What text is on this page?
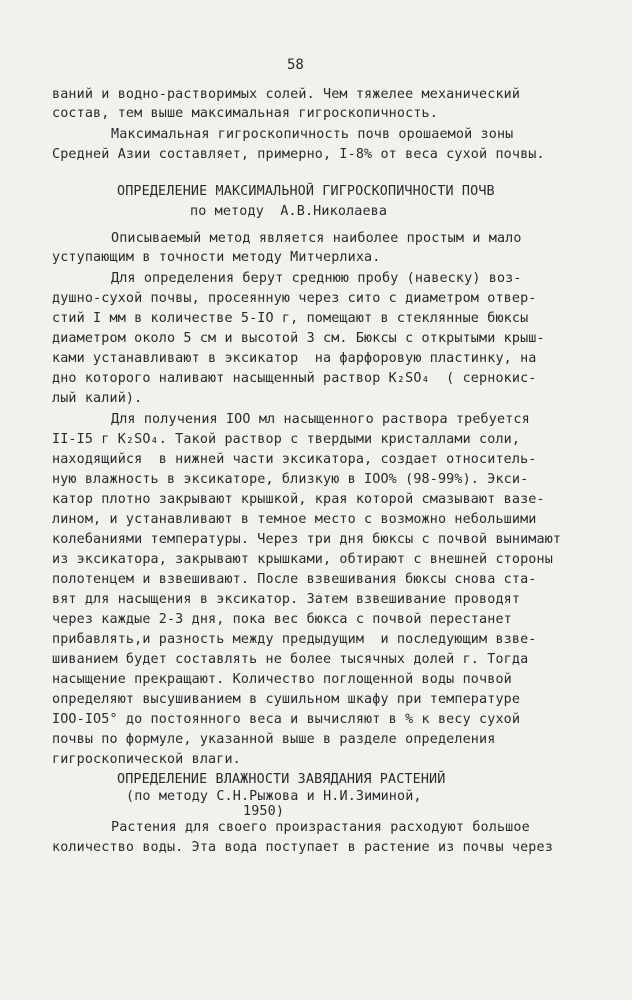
58
ваний и водно-растворимых солей. Чем тяжелее механический
состав, тем выше максимальная гигроскопичность.
Максимальная гигроскопичность почв орошаемой зоны
Средней Азии составляет, примерно, I-8% от веса сухой почвы.
ОПРЕДЕЛЕНИЕ МАКСИМАЛЬНОЙ ГИГРОСКОПИЧНОСТИ ПОЧВ
по методу  А.В.Николаева
Описываемый метод является наиболее простым и мало
уступающим в точности методу Митчерлиха.
Для определения берут среднюю пробу (навеску) воз-
душно-сухой почвы, просеянную через сито с диаметром отвер-
стий I мм в количестве 5-IO г, помещают в стеклянные бюксы
диаметром около 5 см и высотой 3 см. Бюксы с открытыми крыш-
ками устанавливают в эксикатор  на фарфоровую пластинку, на
дно которого наливают насыщенный раствор K₂SO₄  ( сернокис-
лый калий).
Для получения IOO мл насыщенного раствора требуется
II-I5 г K₂SO₄. Такой раствор с твердыми кристаллами соли,
находящийся  в нижней части эксикатора, создает относитель-
ную влажность в эксикаторе, близкую в IOO% (98-99%). Экси-
катор плотно закрывают крышкой, края которой смазывают вазе-
лином, и устанавливают в темное место с возможно небольшими
колебаниями температуры. Через три дня бюксы с почвой вынимают
из эксикатора, закрывают крышками, обтирают с внешней стороны
полотенцем и взвешивают. После взвешивания бюксы снова ста-
вят для насыщения в эксикатор. Затем взвешивание проводят
через каждые 2-3 дня, пока вес бюкса с почвой перестанет
прибавлять,и разность между предыдущим  и последующим взве-
шиванием будет составлять не более тысячных долей г. Тогда
насыщение прекращают. Количество поглощенной воды почвой
определяют высушиванием в сушильном шкафу при температуре
IOO-IO5° до постоянного веса и вычисляют в % к весу сухой
почвы по формуле, указанной выше в разделе определения
гигроскопической влаги.
ОПРЕДЕЛЕНИЕ ВЛАЖНОСТИ ЗАВЯДАНИЯ РАСТЕНИЙ
(по методу С.Н.Рыжова и Н.И.Зиминой,
1950)
Растения для своего произрастания расходуют большое
количество воды. Эта вода поступает в растение из почвы через
